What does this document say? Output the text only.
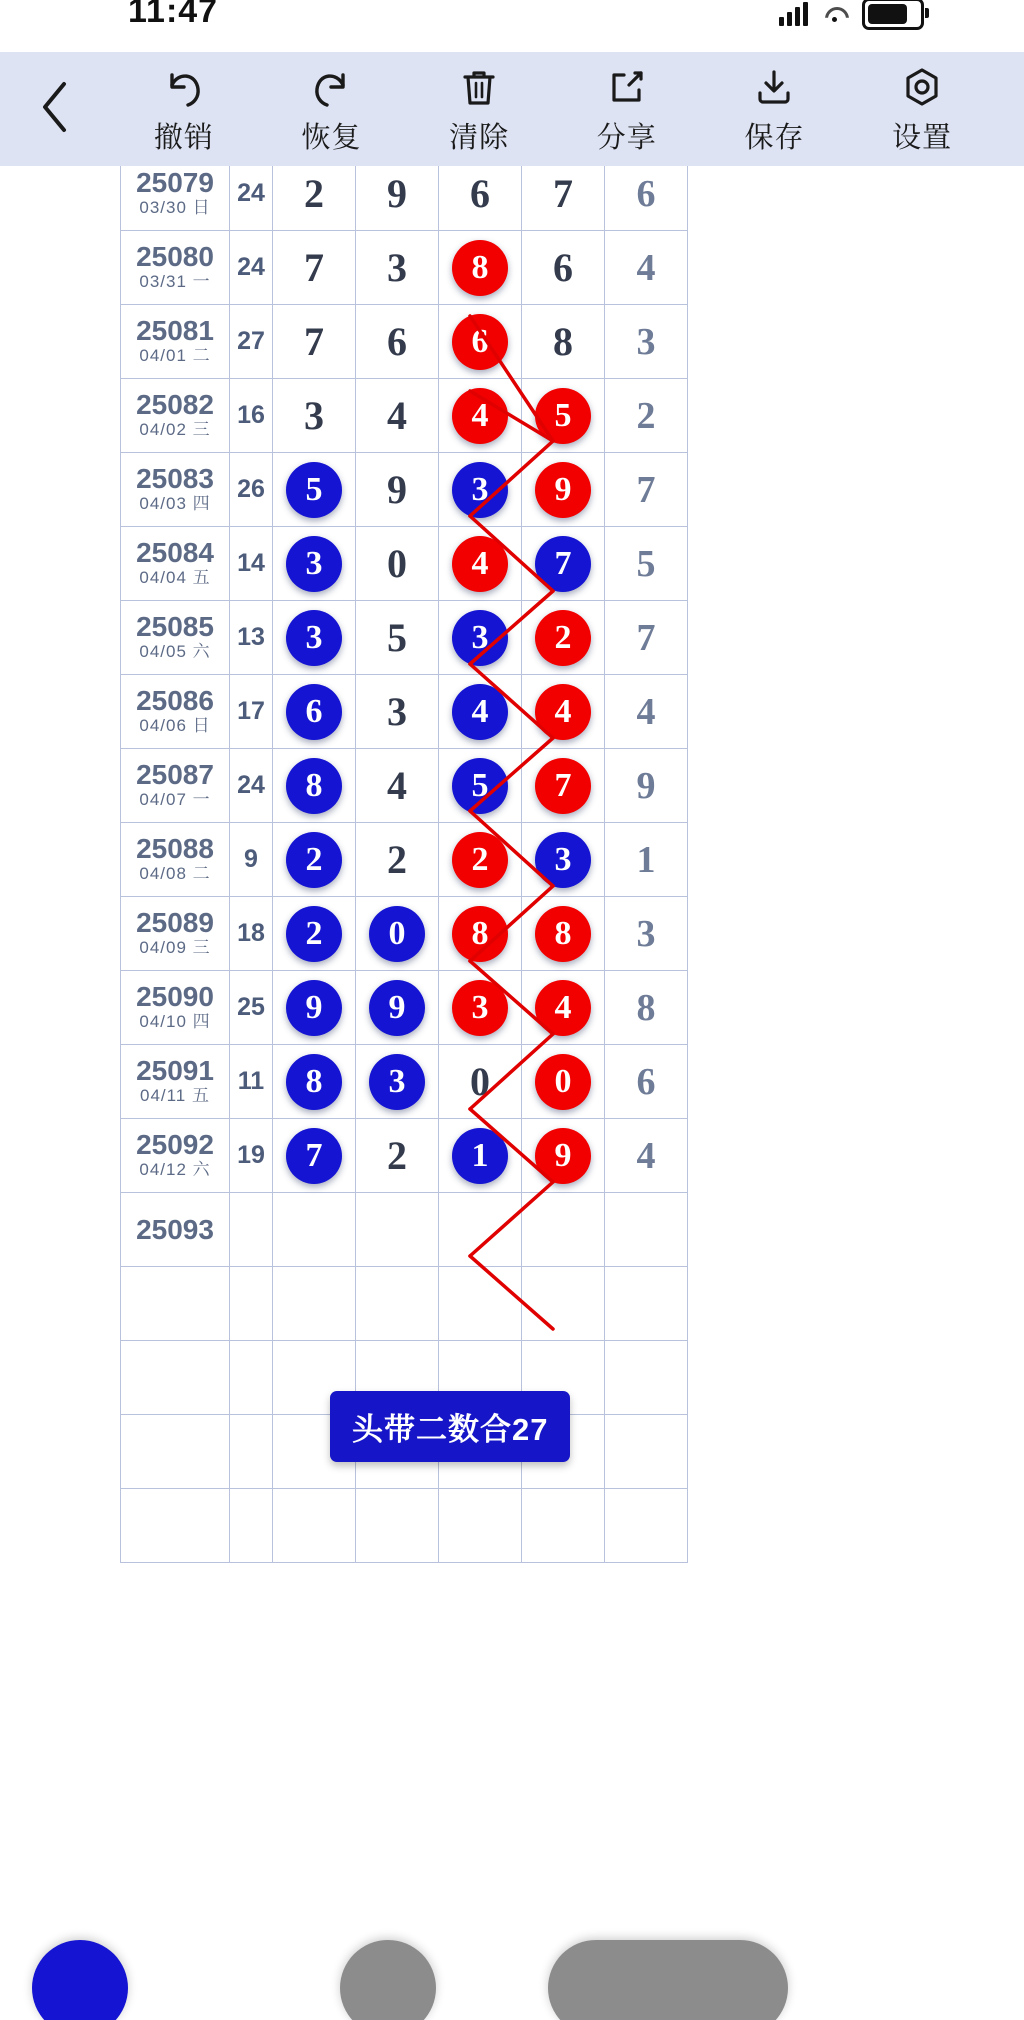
11:47
撤销	恢复	清除	分享	保存	设置

25079
03/30 日	24	2	9	6	7	6

25080
03/31 一	24	7	3	8	6	4

25081
04/01 二	27	7	6	6	8	3

25082
04/02 三	16	3	4	4	5	2

25083
04/03 四	26	5	9	3	9	7

25084
04/04 五	14	3	0	4	7	5

25085
04/05 六	13	3	5	3	2	7

25086
04/06 日	17	6	3	4	4	4

25087
04/07 一	24	8	4	5	7	9

25088
04/08 二	9	2	2	2	3	1

25089
04/09 三	18	2	0	8	8	3

25090
04/10 四	25	9	9	3	4	8

25091
04/11 五	11	8	3	0	0	6

25092
04/12 六	19	7	2	1	9	4

25093						

头带二数合27
